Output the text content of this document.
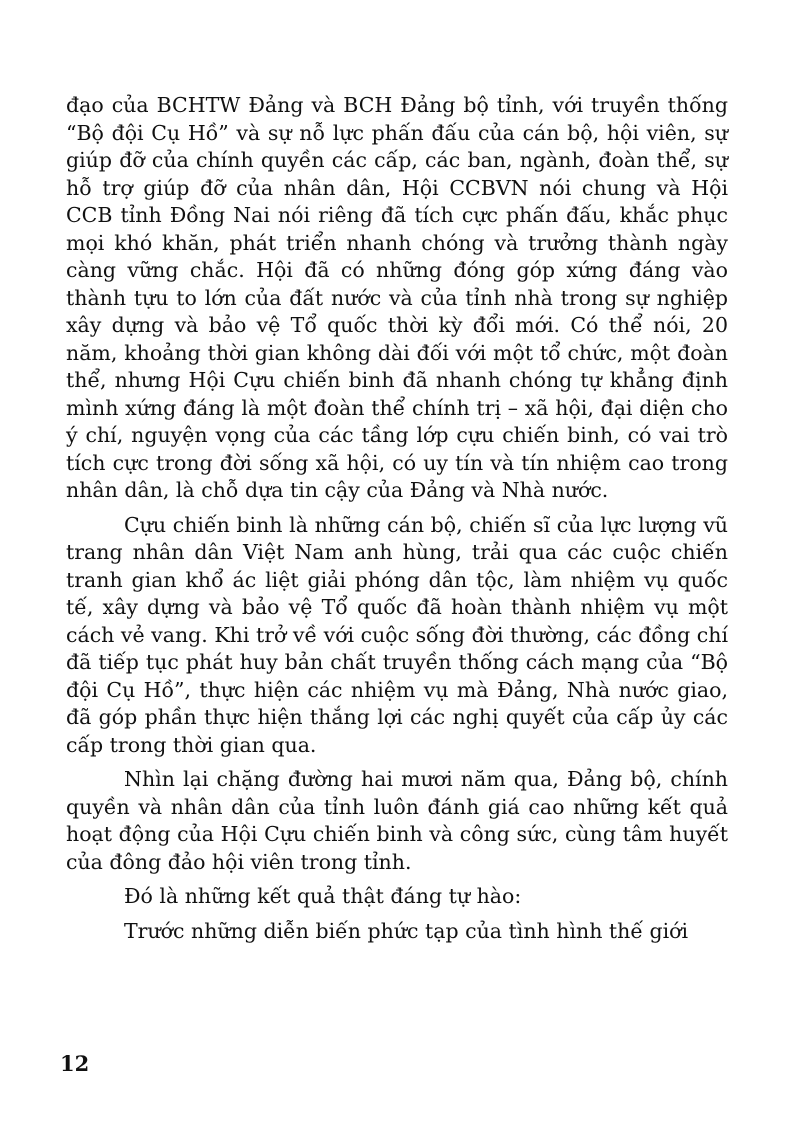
đạo của BCHTW Đảng và BCH Đảng bộ tỉnh, với truyền thống “Bộ đội Cụ Hồ” và sự nỗ lực phấn đấu của cán bộ, hội viên, sự giúp đỡ của chính quyền các cấp, các ban, ngành, đoàn thể, sự hỗ trợ giúp đỡ của nhân dân, Hội CCBVN nói chung và Hội CCB tỉnh Đồng Nai nói riêng đã tích cực phấn đấu, khắc phục mọi khó khăn, phát triển nhanh chóng và trưởng thành ngày càng vững chắc. Hội đã có những đóng góp xứng đáng vào thành tựu to lớn của đất nước và của tỉnh nhà trong sự nghiệp xây dựng và bảo vệ Tổ quốc thời kỳ đổi mới. Có thể nói, 20 năm, khoảng thời gian không dài đối với một tổ chức, một đoàn thể, nhưng Hội Cựu chiến binh đã nhanh chóng tự khẳng định mình xứng đáng là một đoàn thể chính trị – xã hội, đại diện cho ý chí, nguyện vọng của các tầng lớp cựu chiến binh, có vai trò tích cực trong đời sống xã hội, có uy tín và tín nhiệm cao trong nhân dân, là chỗ dựa tin cậy của Đảng và Nhà nước.

Cựu chiến binh là những cán bộ, chiến sĩ của lực lượng vũ trang nhân dân Việt Nam anh hùng, trải qua các cuộc chiến tranh gian khổ ác liệt giải phóng dân tộc, làm nhiệm vụ quốc tế, xây dựng và bảo vệ Tổ quốc đã hoàn thành nhiệm vụ một cách vẻ vang. Khi trở về với cuộc sống đời thường, các đồng chí đã tiếp tục phát huy bản chất truyền thống cách mạng của “Bộ đội Cụ Hồ”, thực hiện các nhiệm vụ mà Đảng, Nhà nước giao, đã góp phần thực hiện thắng lợi các nghị quyết của cấp ủy các cấp trong thời gian qua.

Nhìn lại chặng đường hai mươi năm qua, Đảng bộ, chính quyền và nhân dân của tỉnh luôn đánh giá cao những kết quả hoạt động của Hội Cựu chiến binh và công sức, cùng tâm huyết của đông đảo hội viên trong tỉnh.

Đó là những kết quả thật đáng tự hào:

Trước những diễn biến phức tạp của tình hình thế giới

12
